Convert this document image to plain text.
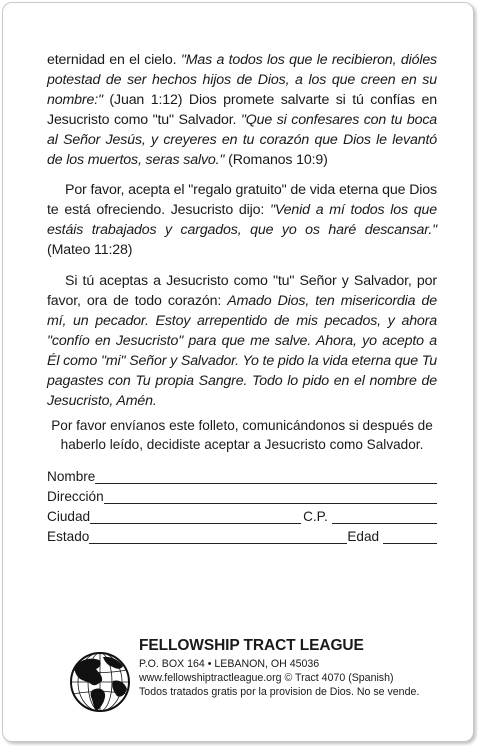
eternidad en el cielo. "Mas a todos los que le recibieron, dióles potestad de ser hechos hijos de Dios, a los que creen en su nombre:" (Juan 1:12) Dios promete salvarte si tú confías en Jesucristo como "tu" Salvador. "Que si confesares con tu boca al Señor Jesús, y creyeres en tu corazón que Dios le levantó de los muertos, seras salvo." (Romanos 10:9)

Por favor, acepta el "regalo gratuito" de vida eterna que Dios te está ofreciendo. Jesucristo dijo: "Venid a mí todos los que estáis trabajados y cargados, que yo os haré descansar." (Mateo 11:28)

Si tú aceptas a Jesucristo como "tu" Señor y Salvador, por favor, ora de todo corazón: Amado Dios, ten misericordia de mí, un pecador. Estoy arrepentido de mis pecados, y ahora "confío en Jesucristo" para que me salve. Ahora, yo acepto a Él como "mi" Señor y Salvador. Yo te pido la vida eterna que Tu pagastes con Tu propia Sangre. Todo lo pido en el nombre de Jesucristo, Amén.

Por favor envíanos este folleto, comunicándonos si después de
haberlo leído, decidiste aceptar a Jesucristo como Salvador.
Nombre
Dirección
Ciudad	C.P.
Estado	Edad
FELLOWSHIP TRACT LEAGUE
P.O. BOX 164 • LEBANON, OH 45036
www.fellowshiptractleague.org © Tract 4070 (Spanish)
Todos tratados gratis por la provision de Dios. No se vende.
